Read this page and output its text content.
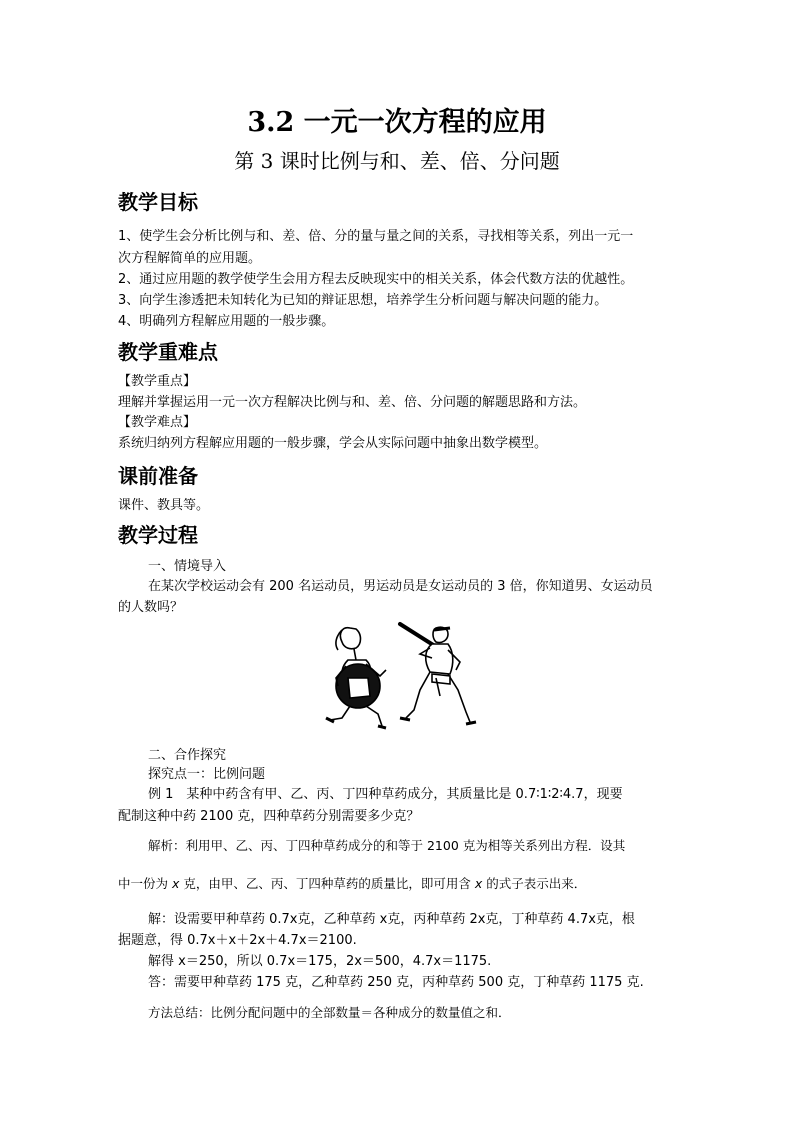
3.2 一元一次方程的应用
第 3 课时比例与和、差、倍、分问题
教学目标
1、使学生会分析比例与和、差、倍、分的量与量之间的关系，寻找相等关系，列出一元一
次方程解简单的应用题。
2、通过应用题的教学使学生会用方程去反映现实中的相关关系，体会代数方法的优越性。
3、向学生渗透把未知转化为已知的辩证思想，培养学生分析问题与解决问题的能力。
4、明确列方程解应用题的一般步骤。
教学重难点
【教学重点】
理解并掌握运用一元一次方程解决比例与和、差、倍、分问题的解题思路和方法。
【教学难点】
系统归纳列方程解应用题的一般步骤，学会从实际问题中抽象出数学模型。
课前准备
课件、教具等。
教学过程
一、情境导入
在某次学校运动会有 200 名运动员，男运动员是女运动员的 3 倍，你知道男、女运动员
的人数吗？
二、合作探究
探究点一：比例问题
例 1　某种中药含有甲、乙、丙、丁四种草药成分，其质量比是 0.7∶1∶2∶4.7，现要
配制这种中药 2100 克，四种草药分别需要多少克？
解析：利用甲、乙、丙、丁四种草药成分的和等于 2100 克为相等关系列出方程．设其
中一份为 x 克，由甲、乙、丙、丁四种草药的质量比，即可用含 x 的式子表示出来．
解：设需要甲种草药 0.7x克，乙种草药 x克，丙种草药 2x克，丁种草药 4.7x克，根
据题意，得 0.7x＋x＋2x＋4.7x＝2100.
解得 x＝250，所以 0.7x＝175，2x＝500，4.7x＝1175.
答：需要甲种草药 175 克，乙种草药 250 克，丙种草药 500 克，丁种草药 1175 克.
方法总结：比例分配问题中的全部数量＝各种成分的数量值之和．
